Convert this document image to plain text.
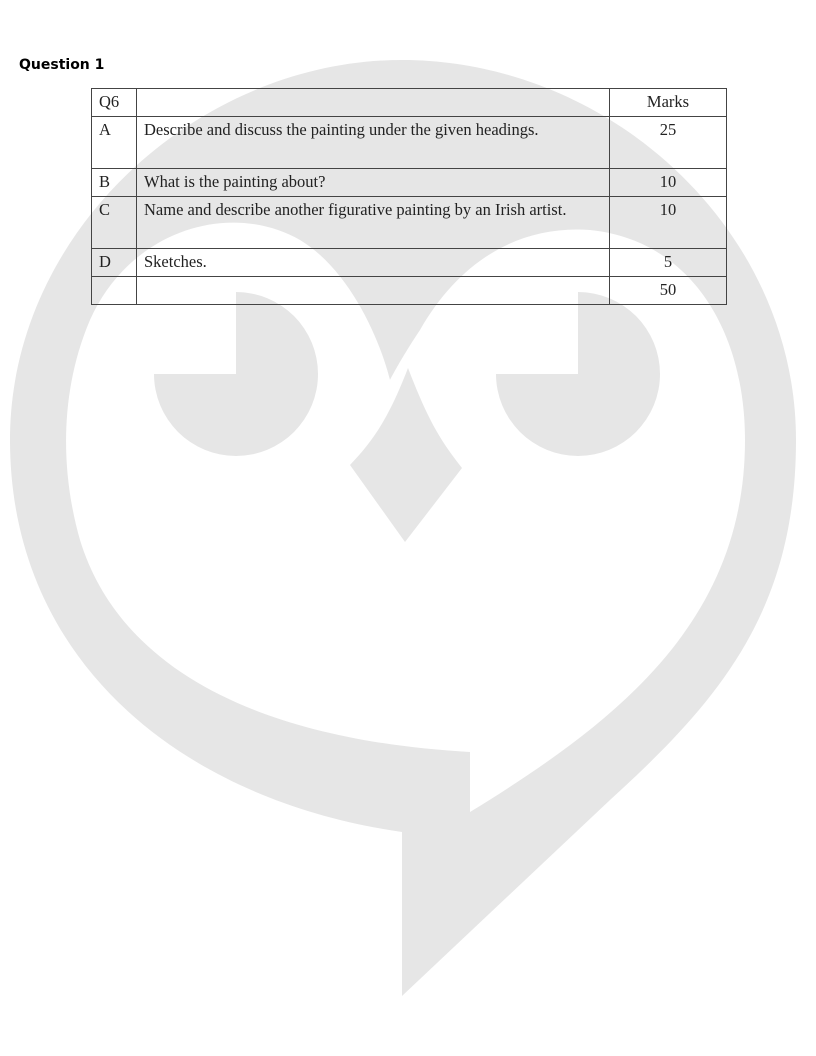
Question 1
Q6		Marks
A	Describe and discuss the painting under the given headings.	25
B	What is the painting about?	10
C	Name and describe another figurative painting by an Irish artist.	10
D	Sketches.	5
		50
